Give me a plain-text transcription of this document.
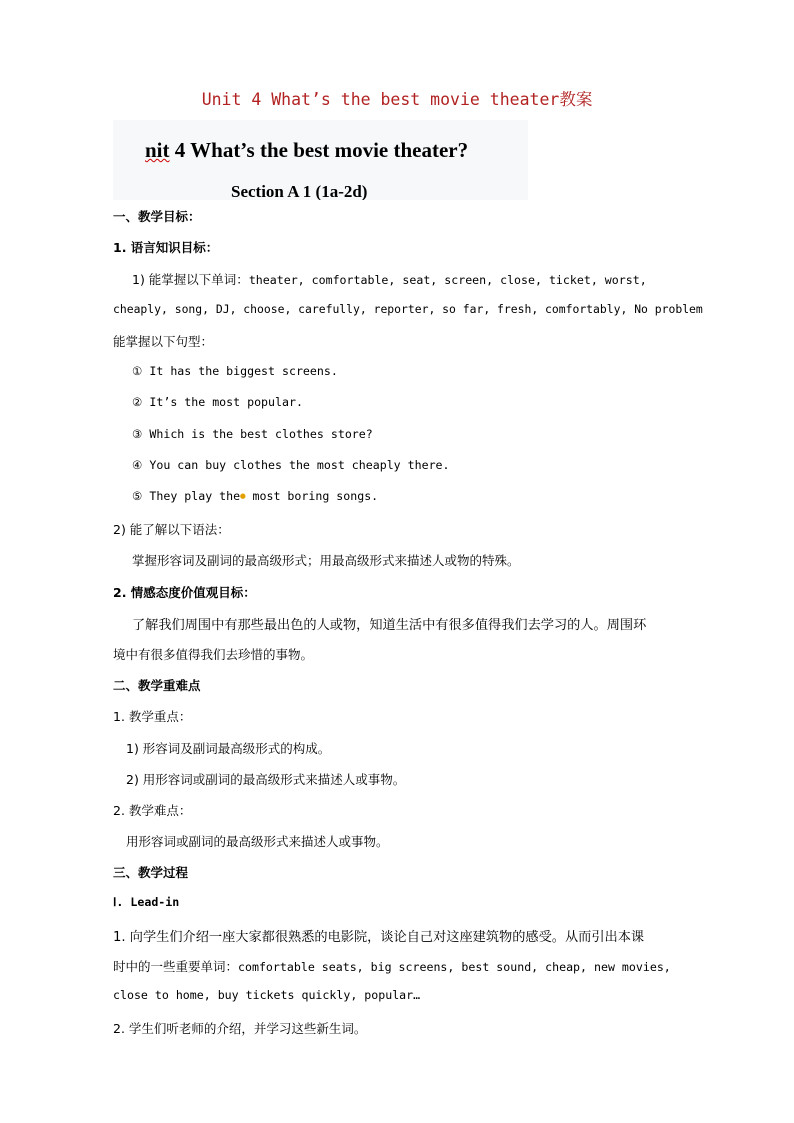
Unit 4 What’s the best movie theater教案
nit 4 What’s the best movie theater?
Section A 1 (1a-2d)
一、教学目标：
1. 语言知识目标：
1) 能掌握以下单词：theater, comfortable, seat, screen, close, ticket, worst,
cheaply, song, DJ, choose, carefully, reporter, so far, fresh, comfortably, No problem
能掌握以下句型：
① It has the biggest screens.
② It’s the most popular.
③ Which is the best clothes store?
④ You can buy clothes the most cheaply there.
⑤ They play the● most boring songs.
2) 能了解以下语法：
掌握形容词及副词的最高级形式；用最高级形式来描述人或物的特殊。
2. 情感态度价值观目标：
了解我们周围中有那些最出色的人或物，知道生活中有很多值得我们去学习的人。周围环
境中有很多值得我们去珍惜的事物。
二、教学重难点
1. 教学重点：
1) 形容词及副词最高级形式的构成。
2) 用形容词或副词的最高级形式来描述人或事物。
2. 教学难点：
用形容词或副词的最高级形式来描述人或事物。
三、教学过程
Ⅰ. Lead-in
1. 向学生们介绍一座大家都很熟悉的电影院，谈论自己对这座建筑物的感受。从而引出本课
时中的一些重要单词：comfortable seats, big screens, best sound, cheap, new movies,
close to home, buy tickets quickly, popular…
2. 学生们听老师的介绍，并学习这些新生词。
